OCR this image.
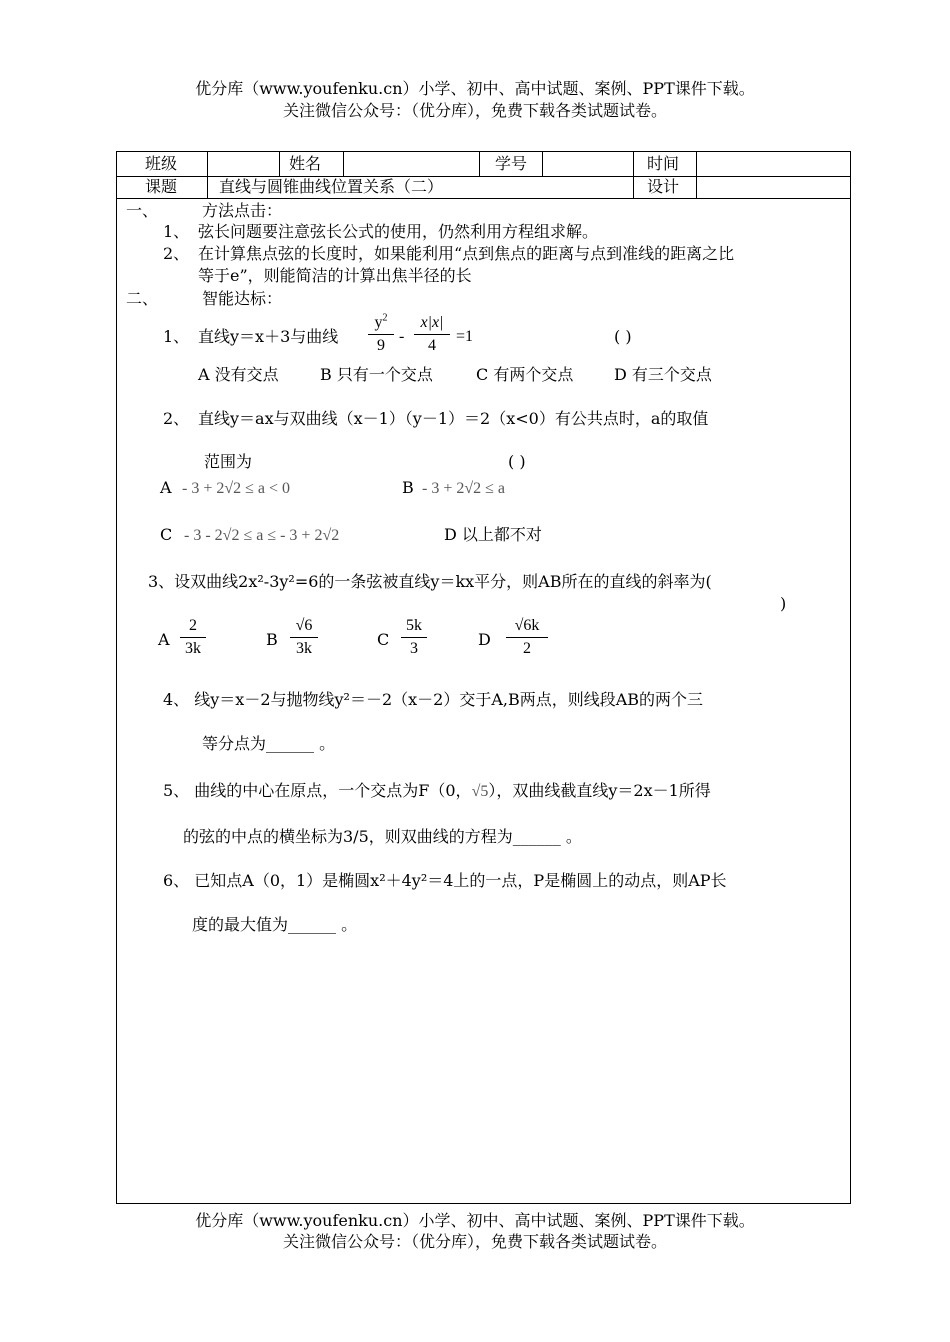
优分库（www.youfenku.cn）小学、初中、高中试题、案例、PPT课件下载。
关注微信公众号：（优分库），免费下载各类试题试卷。
班级	姓名	学号	时间
课题	直线与圆锥曲线位置关系（二）	设计
一、	方法点击：
1、 弦长问题要注意弦长公式的使用，仍然利用方程组求解。
2、 在计算焦点弦的长度时，如果能利用“点到焦点的距离与点到准线的距离之比
等于e”，则能简洁的计算出焦半径的长
二、	智能达标：
1、 直线y＝x＋3与曲线
$y^2$
9
-
x|x|
4
=1	( )
A 没有交点	B 只有一个交点	C 有两个交点	D 有三个交点
2、 直线y＝ax与双曲线（x－1）（y－1）＝2（x<0）有公共点时，a的取值
范围为	( )
A - 3 + 2√2 ≤ a < 0	B - 3 + 2√2 ≤ a
C - 3 - 2√2 ≤ a ≤ - 3 + 2√2	D 以上都不对
3、设双曲线2x²-3y²=6的一条弦被直线y＝kx平分，则AB所在的直线的斜率为(
)
A
2
3k	B
√6
3k	C
5k
3	D
√6k
2
4、 线y＝x－2与抛物线y²＝－2（x－2）交于A,B两点，则线段AB的两个三
等分点为______ 。
5、 曲线的中心在原点，一个交点为F（0，√5），双曲线截直线y＝2x－1所得
的弦的中点的横坐标为3/5，则双曲线的方程为______ 。
6、 已知点A（0，1）是椭圆x²＋4y²＝4上的一点，P是椭圆上的动点，则AP长
度的最大值为______ 。
优分库（www.youfenku.cn）小学、初中、高中试题、案例、PPT课件下载。
关注微信公众号：（优分库），免费下载各类试题试卷。
